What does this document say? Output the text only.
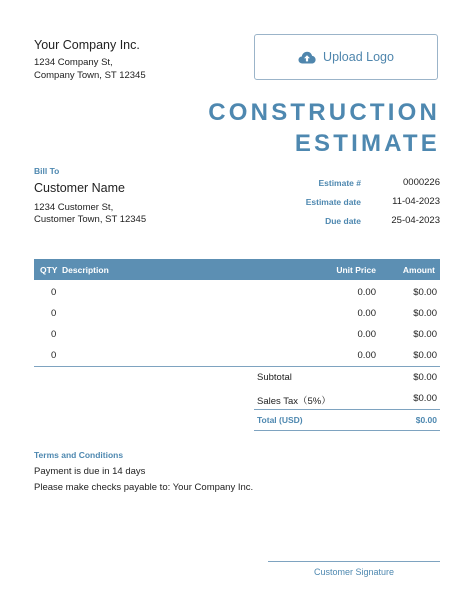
Your Company Inc.
1234 Company St,
Company Town, ST 12345
Upload Logo
CONSTRUCTION
ESTIMATE
Bill To
Customer Name
1234 Customer St,
Customer Town, ST 12345
Estimate #	0000226
Estimate date	11-04-2023
Due date	25-04-2023
QTY Description	Unit Price	Amount
0	0.00	$0.00
0	0.00	$0.00
0	0.00	$0.00
0	0.00	$0.00
Subtotal	$0.00
Sales Tax（5%）	$0.00
Total (USD)	$0.00
Terms and Conditions
Payment is due in 14 days
Please make checks payable to: Your Company Inc.
Customer Signature
